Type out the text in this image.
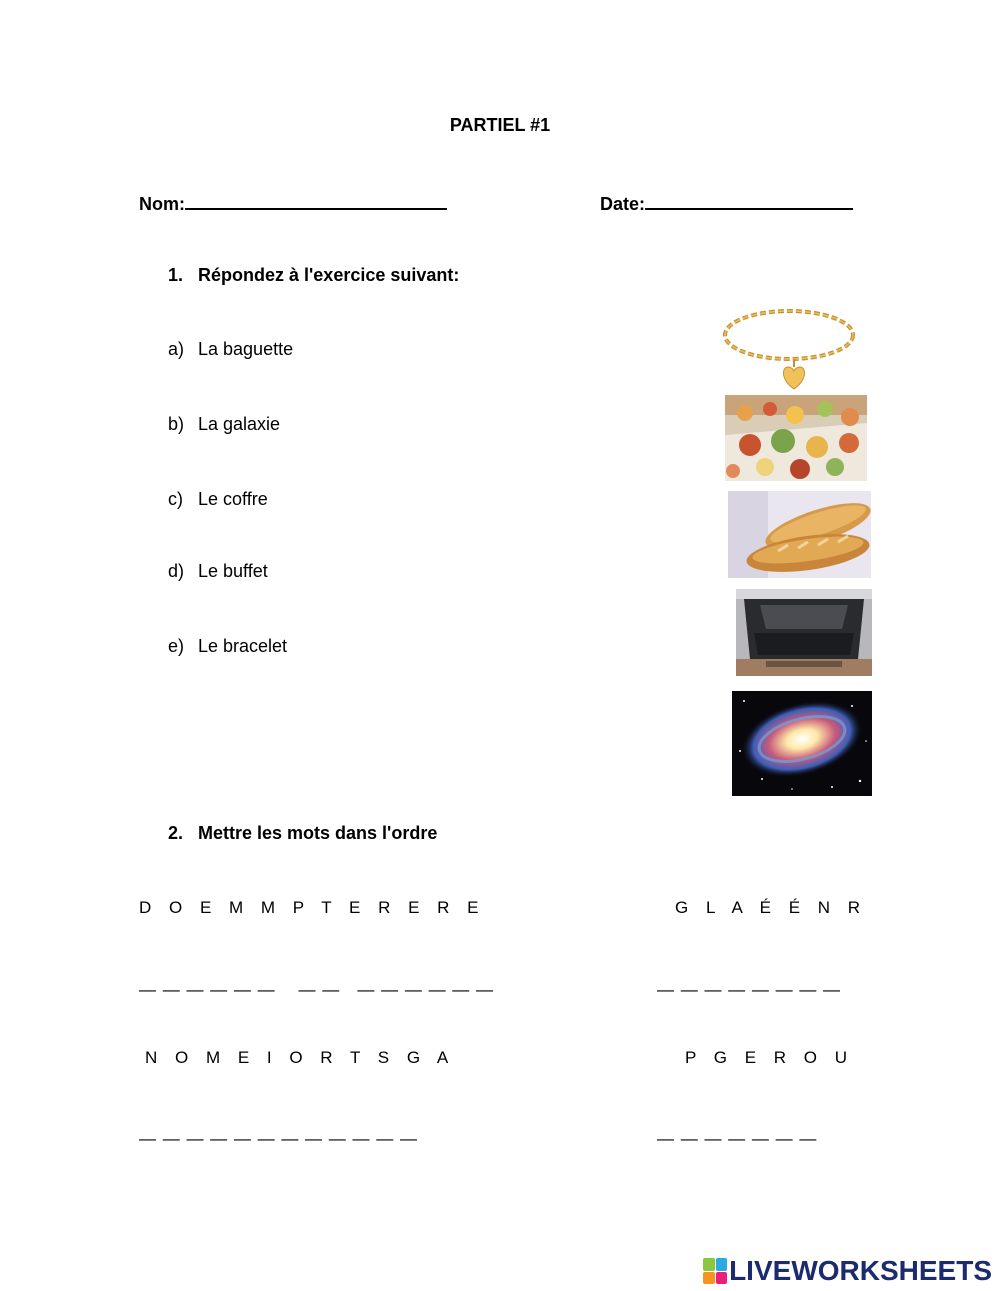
PARTIEL #1
Nom:	Date:
1. Répondez à l'exercice suivant:
a) La baguette
b) La galaxie
c) Le coffre
d) Le buffet
e) Le bracelet
2. Mettre les mots dans l'ordre
D O E M M P T E R E R E
— — — — — —    — —   — — — — — —
G L A É É N R
— — — — — — — —
N O M E I O R T S G A
— — — — — — — — — — — —
P G E R O U
— — — — — — —
LIVEWORKSHEETS
